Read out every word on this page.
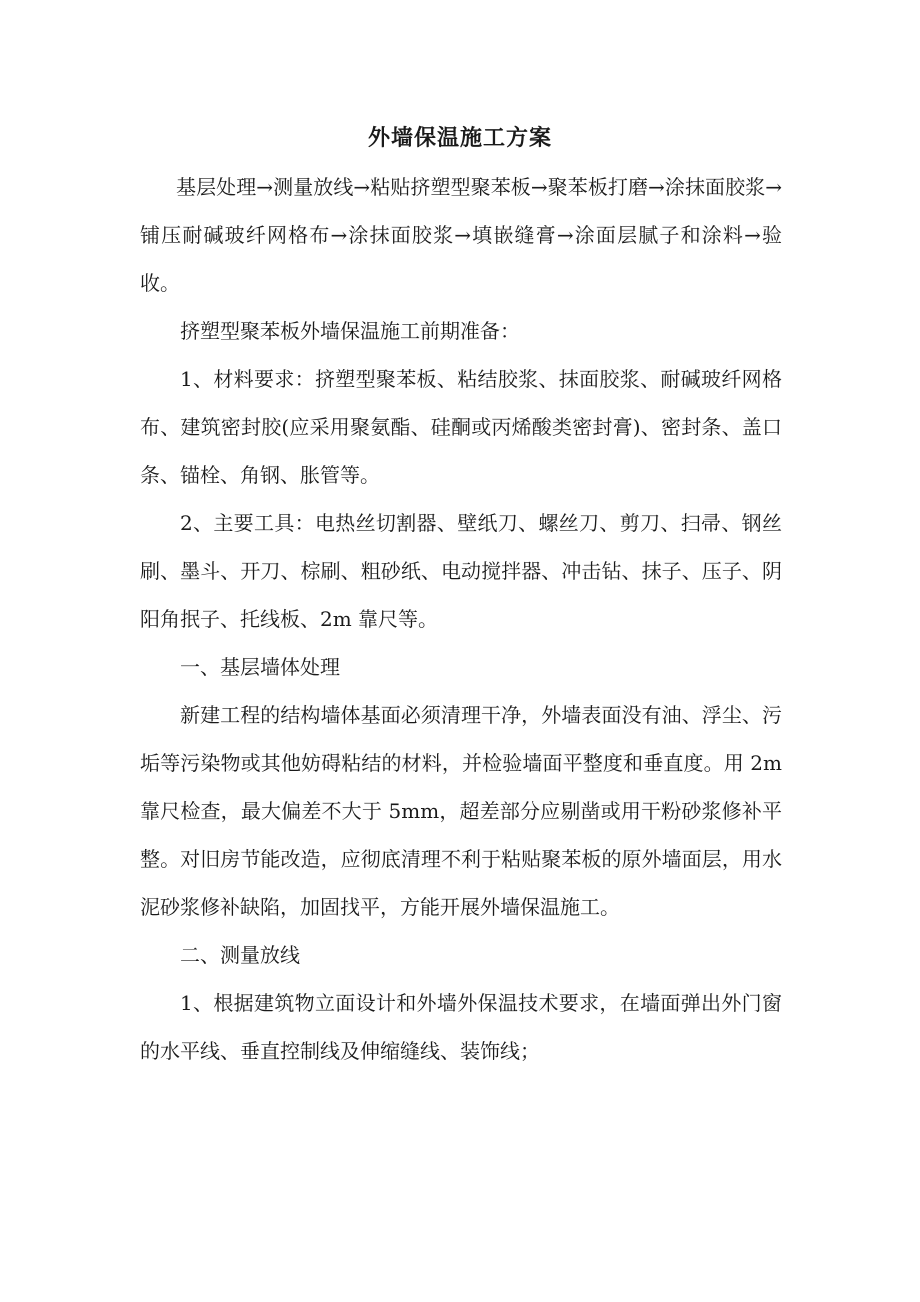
外墙保温施工方案

基层处理→测量放线→粘贴挤塑型聚苯板→聚苯板打磨→涂抹面胶浆→铺压耐碱玻纤网格布→涂抹面胶浆→填嵌缝膏→涂面层腻子和涂料→验收。

挤塑型聚苯板外墙保温施工前期准备：

1、材料要求：挤塑型聚苯板、粘结胶浆、抹面胶浆、耐碱玻纤网格布、建筑密封胶(应采用聚氨酯、硅酮或丙烯酸类密封膏)、密封条、盖口条、锚栓、角钢、胀管等。

2、主要工具：电热丝切割器、壁纸刀、螺丝刀、剪刀、扫帚、钢丝刷、墨斗、开刀、棕刷、粗砂纸、电动搅拌器、冲击钻、抹子、压子、阴阳角抿子、托线板、2m 靠尺等。

一、基层墙体处理

新建工程的结构墙体基面必须清理干净，外墙表面没有油、浮尘、污垢等污染物或其他妨碍粘结的材料，并检验墙面平整度和垂直度。用 2m 靠尺检查，最大偏差不大于 5mm，超差部分应剔凿或用干粉砂浆修补平整。对旧房节能改造，应彻底清理不利于粘贴聚苯板的原外墙面层，用水泥砂浆修补缺陷，加固找平，方能开展外墙保温施工。

二、测量放线

1、根据建筑物立面设计和外墙外保温技术要求，在墙面弹出外门窗的水平线、垂直控制线及伸缩缝线、装饰线；
